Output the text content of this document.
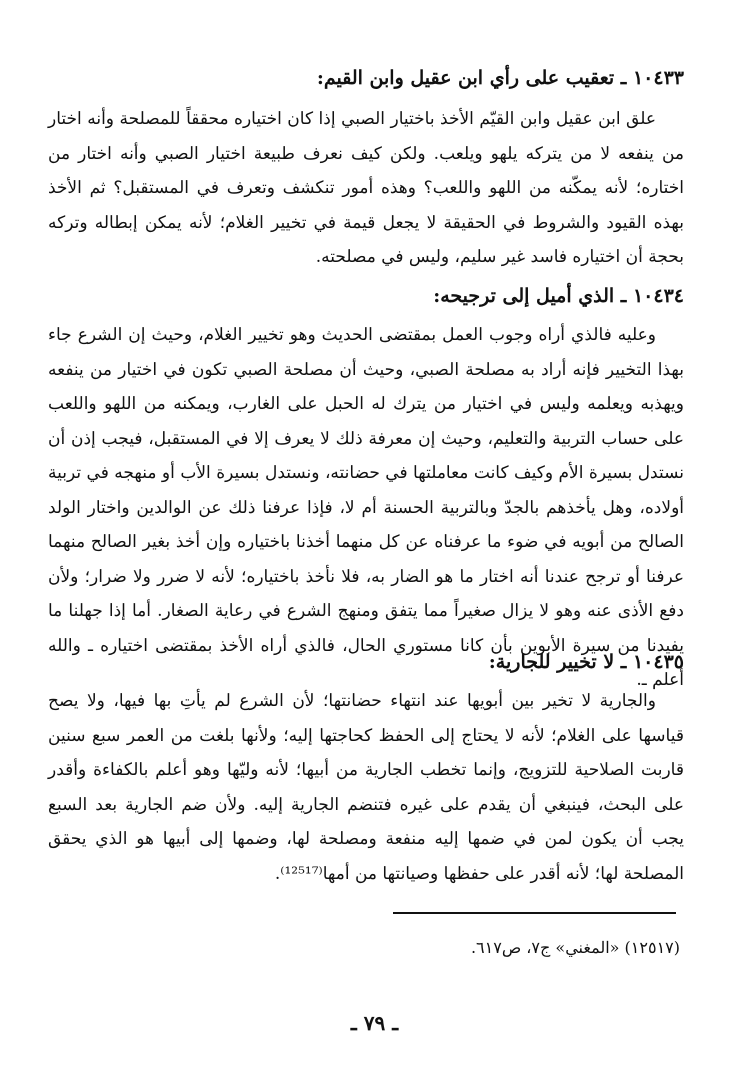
١٠٤٣٣ ـ تعقيب على رأي ابن عقيل وابن القيم:
علق ابن عقيل وابن القيّم الأخذ باختيار الصبي إذا كان اختياره محققاً للمصلحة وأنه اختار من ينفعه لا من يتركه يلهو ويلعب. ولكن كيف نعرف طبيعة اختيار الصبي وأنه اختار من اختاره؛ لأنه يمكّنه من اللهو واللعب؟ وهذه أمور تنكشف وتعرف في المستقبل؟ ثم الأخذ بهذه القيود والشروط في الحقيقة لا يجعل قيمة في تخيير الغلام؛ لأنه يمكن إبطاله وتركه بحجة أن اختياره فاسد غير سليم، وليس في مصلحته.
١٠٤٣٤ ـ الذي أميل إلى ترجيحه:
وعليه فالذي أراه وجوب العمل بمقتضى الحديث وهو تخيير الغلام، وحيث إن الشرع جاء بهذا التخيير فإنه أراد به مصلحة الصبي، وحيث أن مصلحة الصبي تكون في اختيار من ينفعه ويهذبه ويعلمه وليس في اختيار من يترك له الحبل على الغارب، ويمكنه من اللهو واللعب على حساب التربية والتعليم، وحيث إن معرفة ذلك لا يعرف إلا في المستقبل، فيجب إذن أن نستدل بسيرة الأم وكيف كانت معاملتها في حضانته، ونستدل بسيرة الأب أو منهجه في تربية أولاده، وهل يأخذهم بالجدّ وبالتربية الحسنة أم لا، فإذا عرفنا ذلك عن الوالدين واختار الولد الصالح من أبويه في ضوء ما عرفناه عن كل منهما أخذنا باختياره وإن أخذ بغير الصالح منهما عرفنا أو ترجح عندنا أنه اختار ما هو الضار به، فلا نأخذ باختياره؛ لأنه لا ضرر ولا ضرار؛ ولأن دفع الأذى عنه وهو لا يزال صغيراً مما يتفق ومنهج الشرع في رعاية الصغار. أما إذا جهلنا ما يفيدنا من سيرة الأبوين بأن كانا مستوري الحال، فالذي أراه الأخذ بمقتضى اختياره ـ والله أعلم ـ.
١٠٤٣٥ ـ لا تخيير للجارية:
والجارية لا تخير بين أبويها عند انتهاء حضانتها؛ لأن الشرع لم يأتِ بها فيها، ولا يصح قياسها على الغلام؛ لأنه لا يحتاج إلى الحفظ كحاجتها إليه؛ ولأنها بلغت من العمر سبع سنين قاربت الصلاحية للتزويج، وإنما تخطب الجارية من أبيها؛ لأنه وليّها وهو أعلم بالكفاءة وأقدر على البحث، فينبغي أن يقدم على غيره فتنضم الجارية إليه. ولأن ضم الجارية بعد السبع يجب أن يكون لمن في ضمها إليه منفعة ومصلحة لها، وضمها إلى أبيها هو الذي يحقق المصلحة لها؛ لأنه أقدر على حفظها وصيانتها من أمها⁽¹²⁵¹⁷⁾.
(١٢٥١٧) «المغني» ج٧، ص٦١٧.
ـ ٧٩ ـ
